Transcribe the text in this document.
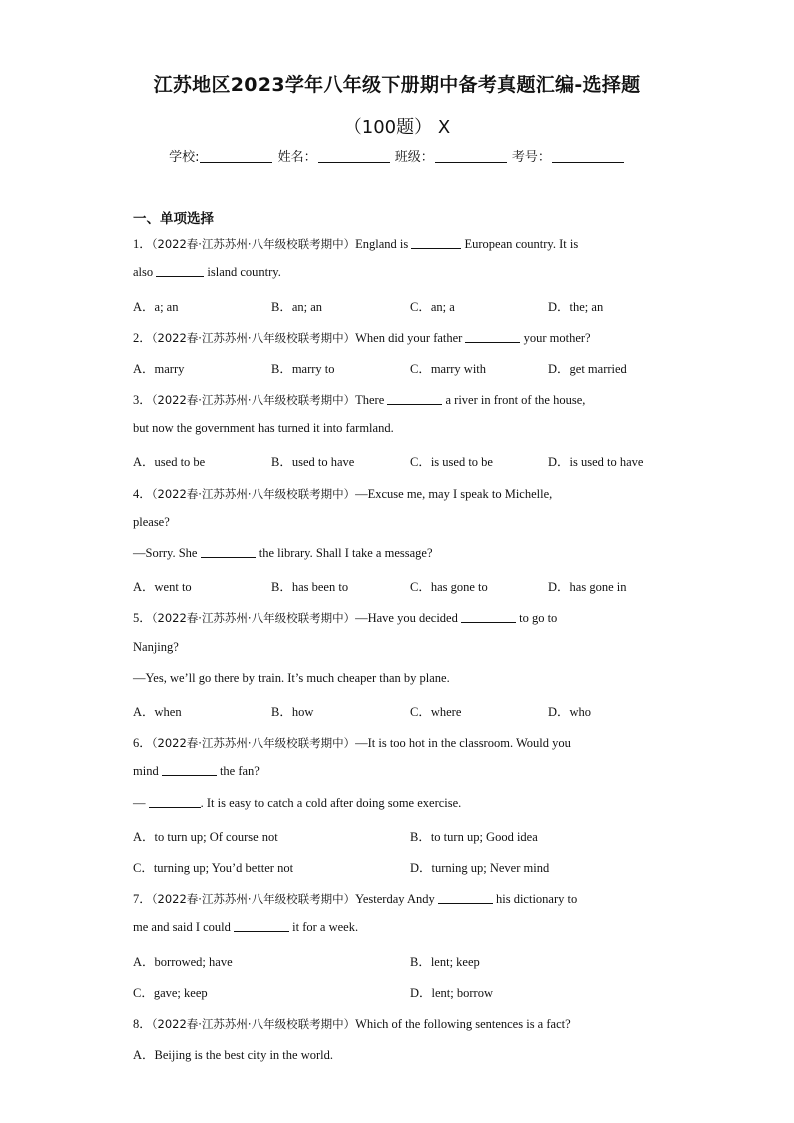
江苏地区2023学年八年级下册期中备考真题汇编-选择题
（100题） X
学校:	姓名：	班级：	考号：
一、单项选择
1．（2022春·江苏苏州·八年级校联考期中）England is	European country. It is
also	island country.
A．a; an	B．an; an	C．an; a	D．the; an
2．（2022春·江苏苏州·八年级校联考期中）When did your father	your mother?
A．marry	B．marry to	C．marry with	D．get married
3．（2022春·江苏苏州·八年级校联考期中）There	a river in front of the house,
but now the government has turned it into farmland.
A．used to be	B．used to have	C．is used to be	D．is used to have
4．（2022春·江苏苏州·八年级校联考期中）—Excuse me, may I speak to Michelle,
please?
—Sorry. She	the library. Shall I take a message?
A．went to	B．has been to	C．has gone to	D．has gone in
5．（2022春·江苏苏州·八年级校联考期中）—Have you decided	to go to
Nanjing?
—Yes, we’ll go there by train. It’s much cheaper than by plane.
A．when	B．how	C．where	D．who
6．（2022春·江苏苏州·八年级校联考期中）—It is too hot in the classroom. Would you
mind	the fan?
—	. It is easy to catch a cold after doing some exercise.
A．to turn up; Of course not	B．to turn up; Good idea
C．turning up; You’d better not	D．turning up; Never mind
7．（2022春·江苏苏州·八年级校联考期中）Yesterday Andy	his dictionary to
me and said I could	it for a week.
A．borrowed; have	B．lent; keep
C．gave; keep	D．lent; borrow
8．（2022春·江苏苏州·八年级校联考期中）Which of the following sentences is a fact?
A．Beijing is the best city in the world.
